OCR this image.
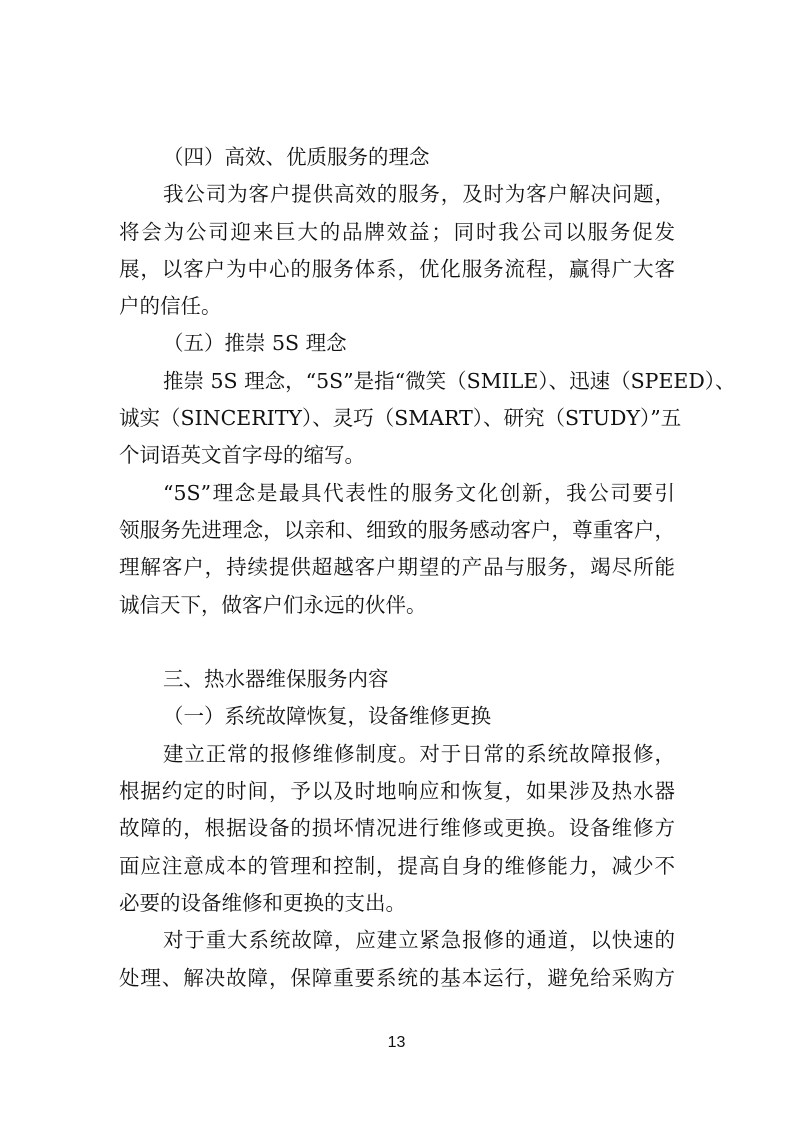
（四）高效、优质服务的理念
我公司为客户提供高效的服务，及时为客户解决问题，
将会为公司迎来巨大的品牌效益；同时我公司以服务促发
展，以客户为中心的服务体系，优化服务流程，赢得广大客
户的信任。
（五）推崇 5S 理念
推崇 5S 理念，“5S”是指“微笑（SMILE）、迅速（SPEED）、
诚实（SINCERITY）、灵巧（SMART）、研究（STUDY）”五
个词语英文首字母的缩写。
“5S”理念是最具代表性的服务文化创新，我公司要引
领服务先进理念，以亲和、细致的服务感动客户，尊重客户，
理解客户，持续提供超越客户期望的产品与服务，竭尽所能
诚信天下，做客户们永远的伙伴。
三、热水器维保服务内容
（一）系统故障恢复，设备维修更换
建立正常的报修维修制度。对于日常的系统故障报修，
根据约定的时间，予以及时地响应和恢复，如果涉及热水器
故障的，根据设备的损坏情况进行维修或更换。设备维修方
面应注意成本的管理和控制，提高自身的维修能力，减少不
必要的设备维修和更换的支出。
对于重大系统故障，应建立紧急报修的通道，以快速的
处理、解决故障，保障重要系统的基本运行，避免给采购方
13
